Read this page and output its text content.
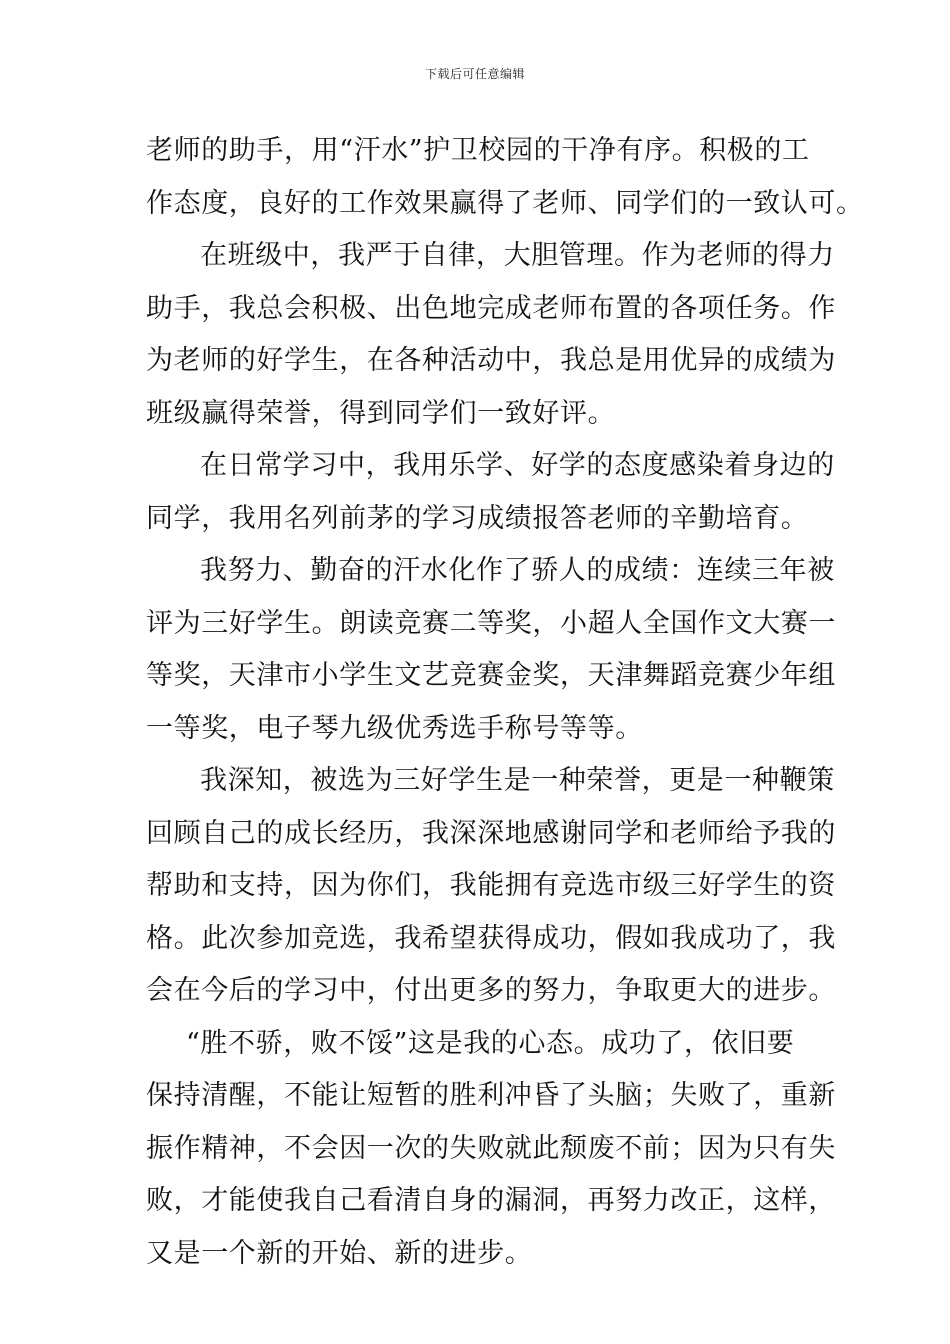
下载后可任意编辑
老师的助手，用“汗水”护卫校园的干净有序。积极的工
作态度，良好的工作效果赢得了老师、同学们的一致认可。
在班级中，我严于自律，大胆管理。作为老师的得力
助手，我总会积极、出色地完成老师布置的各项任务。作
为老师的好学生，在各种活动中，我总是用优异的成绩为
班级赢得荣誉，得到同学们一致好评。
在日常学习中，我用乐学、好学的态度感染着身边的
同学，我用名列前茅的学习成绩报答老师的辛勤培育。
我努力、勤奋的汗水化作了骄人的成绩：连续三年被
评为三好学生。朗读竞赛二等奖，小超人全国作文大赛一
等奖，天津市小学生文艺竞赛金奖，天津舞蹈竞赛少年组
一等奖，电子琴九级优秀选手称号等等。
我深知，被选为三好学生是一种荣誉，更是一种鞭策
回顾自己的成长经历，我深深地感谢同学和老师给予我的
帮助和支持，因为你们，我能拥有竞选市级三好学生的资
格。此次参加竞选，我希望获得成功，假如我成功了，我
会在今后的学习中，付出更多的努力，争取更大的进步。
“胜不骄，败不馁”这是我的心态。成功了，依旧要
保持清醒，不能让短暂的胜利冲昏了头脑；失败了，重新
振作精神，不会因一次的失败就此颓废不前；因为只有失
败，才能使我自己看清自身的漏洞，再努力改正，这样，
又是一个新的开始、新的进步。
